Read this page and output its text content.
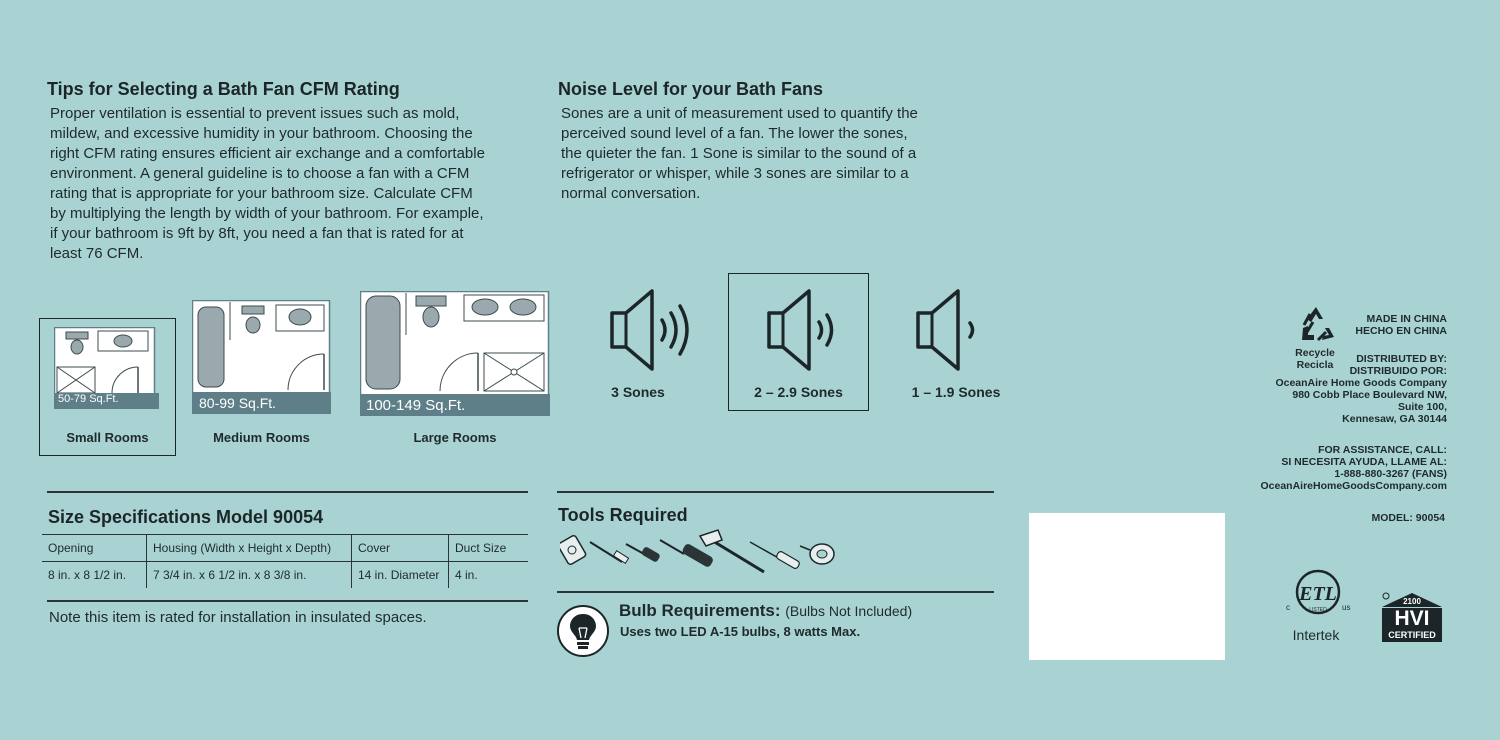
Tips for Selecting a Bath Fan CFM Rating
Proper ventilation is essential to prevent issues such as mold,
mildew, and excessive humidity in your bathroom. Choosing the
right CFM rating ensures efficient air exchange and a comfortable
environment. A general guideline is to choose a fan with a CFM
rating that is appropriate for your bathroom size. Calculate CFM
by multiplying the length by width of your bathroom. For example,
if your bathroom is 9ft by 8ft, you need a fan that is rated for at
least 76 CFM.
Noise Level for your Bath Fans
Sones are a unit of measurement used to quantify the
perceived sound level of a fan. The lower the sones,
the quieter the fan. 1 Sone is similar to the sound of a
refrigerator or whisper, while 3 sones are similar to a
normal conversation.
50-79 Sq.Ft.
Small Rooms
80-99 Sq.Ft.
Medium Rooms
100-149 Sq.Ft.
Large Rooms
3 Sones	2 – 2.9 Sones	1 – 1.9 Sones
Size Specifications Model 90054
Opening	Housing (Width x Height x Depth)	Cover	Duct Size
8 in. x 8 1/2 in.	7 3/4 in. x 6 1/2 in. x 8 3/8 in.	14 in. Diameter	4 in.
Note this item is rated for installation in insulated spaces.
Tools Required
Bulb Requirements: (Bulbs Not Included)
Uses two LED A-15 bulbs, 8 watts Max.
Recycle
Recicla
MADE IN CHINA
HECHO EN CHINA
DISTRIBUTED BY:
DISTRIBUIDO POR:
OceanAire Home Goods Company
980 Cobb Place Boulevard NW,
Suite 100,
Kennesaw, GA 30144
FOR ASSISTANCE, CALL:
SI NECESITA AYUDA, LLAME AL:
1-888-880-3267 (FANS)
OceanAireHomeGoodsCompany.com
MODEL: 90054
ETL
LISTED
c	us
Intertek
2100
HVI
CERTIFIED
